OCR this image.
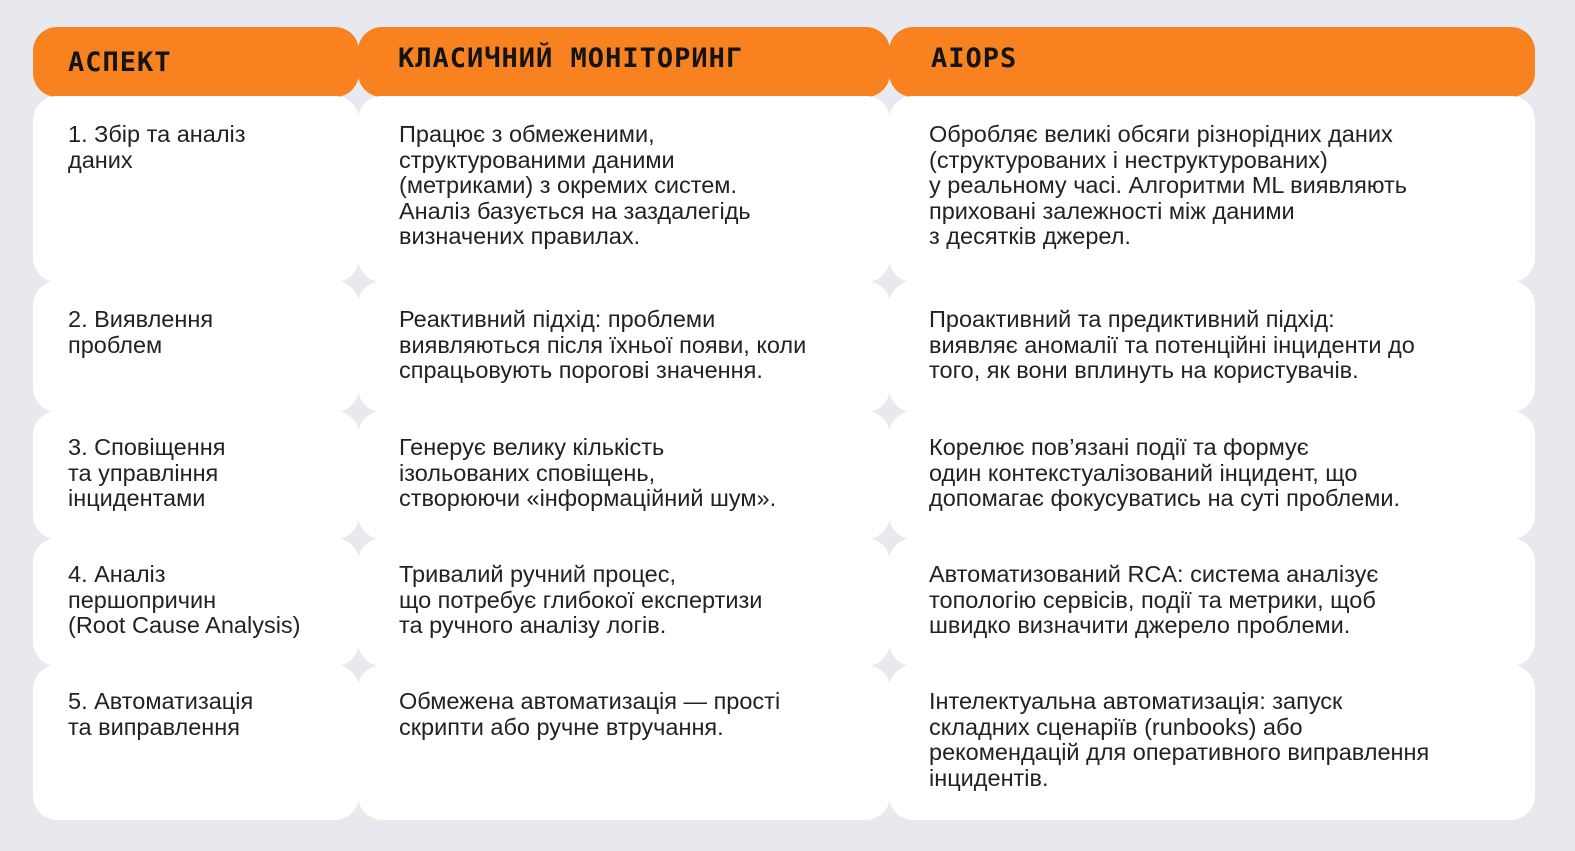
АСПЕКТ	КЛАСИЧНИЙ МОНІТОРИНГ	AIOPS
1. Збір та аналіз
даних
Працює з обмеженими,
структурованими даними
(метриками) з окремих систем.
Аналіз базується на заздалегідь
визначених правилах.
Обробляє великі обсяги різнорідних даних
(структурованих і неструктурованих)
у реальному часі. Алгоритми ML виявляють
приховані залежності між даними
з десятків джерел.
2. Виявлення
проблем
Реактивний підхід: проблеми
виявляються після їхньої появи, коли
спрацьовують порогові значення.
Проактивний та предиктивний підхід:
виявляє аномалії та потенційні інциденти до
того, як вони вплинуть на користувачів.
3. Сповіщення
та управління
інцидентами
Генерує велику кількість
ізольованих сповіщень,
створюючи «інформаційний шум».
Корелює пов’язані події та формує
один контекстуалізований інцидент, що
допомагає фокусуватись на суті проблеми.
4. Аналіз
першопричин
(Root Cause Analysis)
Тривалий ручний процес,
що потребує глибокої експертизи
та ручного аналізу логів.
Автоматизований RCA: система аналізує
топологію сервісів, події та метрики, щоб
швидко визначити джерело проблеми.
5. Автоматизація
та виправлення
Обмежена автоматизація — прості
скрипти або ручне втручання.
Інтелектуальна автоматизація: запуск
складних сценаріїв (runbooks) або
рекомендацій для оперативного виправлення
інцидентів.
